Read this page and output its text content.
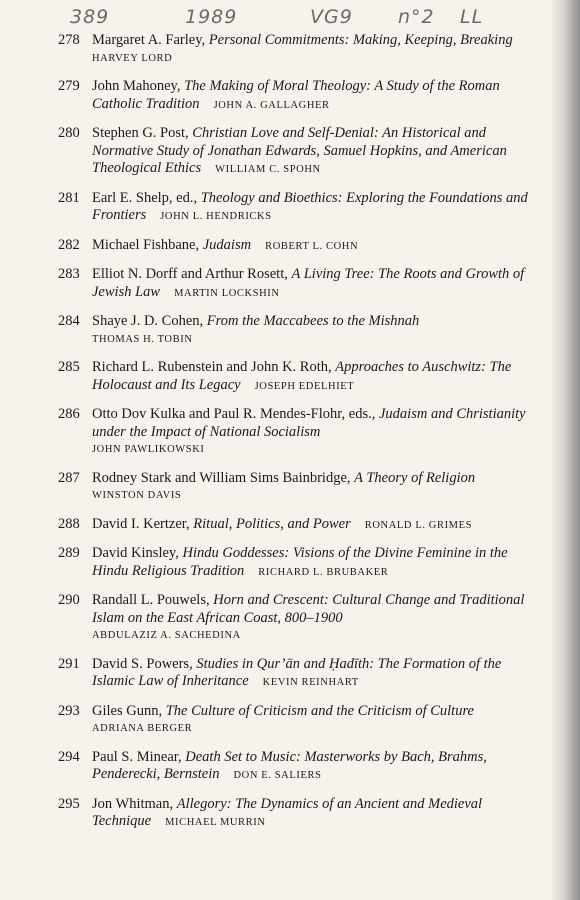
389	1989	VG9 n°2 LL
278 Margaret A. Farley, Personal Commitments: Making, Keeping, Breaking
HARVEY LORD
279 John Mahoney, The Making of Moral Theology: A Study of the Roman Catholic Tradition JOHN A. GALLAGHER
280 Stephen G. Post, Christian Love and Self-Denial: An Historical and Normative Study of Jonathan Edwards, Samuel Hopkins, and American Theological Ethics WILLIAM C. SPOHN
281 Earl E. Shelp, ed., Theology and Bioethics: Exploring the Foundations and Frontiers JOHN L. HENDRICKS
282 Michael Fishbane, Judaism ROBERT L. COHN
283 Elliot N. Dorff and Arthur Rosett, A Living Tree: The Roots and Growth of Jewish Law MARTIN LOCKSHIN
284 Shaye J. D. Cohen, From the Maccabees to the Mishnah
THOMAS H. TOBIN
285 Richard L. Rubenstein and John K. Roth, Approaches to Auschwitz: The Holocaust and Its Legacy JOSEPH EDELHIET
286 Otto Dov Kulka and Paul R. Mendes-Flohr, eds., Judaism and Christianity under the Impact of National Socialism
JOHN PAWLIKOWSKI
287 Rodney Stark and William Sims Bainbridge, A Theory of Religion
WINSTON DAVIS
288 David I. Kertzer, Ritual, Politics, and Power RONALD L. GRIMES
289 David Kinsley, Hindu Goddesses: Visions of the Divine Feminine in the Hindu Religious Tradition RICHARD L. BRUBAKER
290 Randall L. Pouwels, Horn and Crescent: Cultural Change and Traditional Islam on the East African Coast, 800–1900
ABDULAZIZ A. SACHEDINA
291 David S. Powers, Studies in Qur’ān and Ḥadīth: The Formation of the Islamic Law of Inheritance KEVIN REINHART
293 Giles Gunn, The Culture of Criticism and the Criticism of Culture
ADRIANA BERGER
294 Paul S. Minear, Death Set to Music: Masterworks by Bach, Brahms, Penderecki, Bernstein DON E. SALIERS
295 Jon Whitman, Allegory: The Dynamics of an Ancient and Medieval Technique MICHAEL MURRIN
